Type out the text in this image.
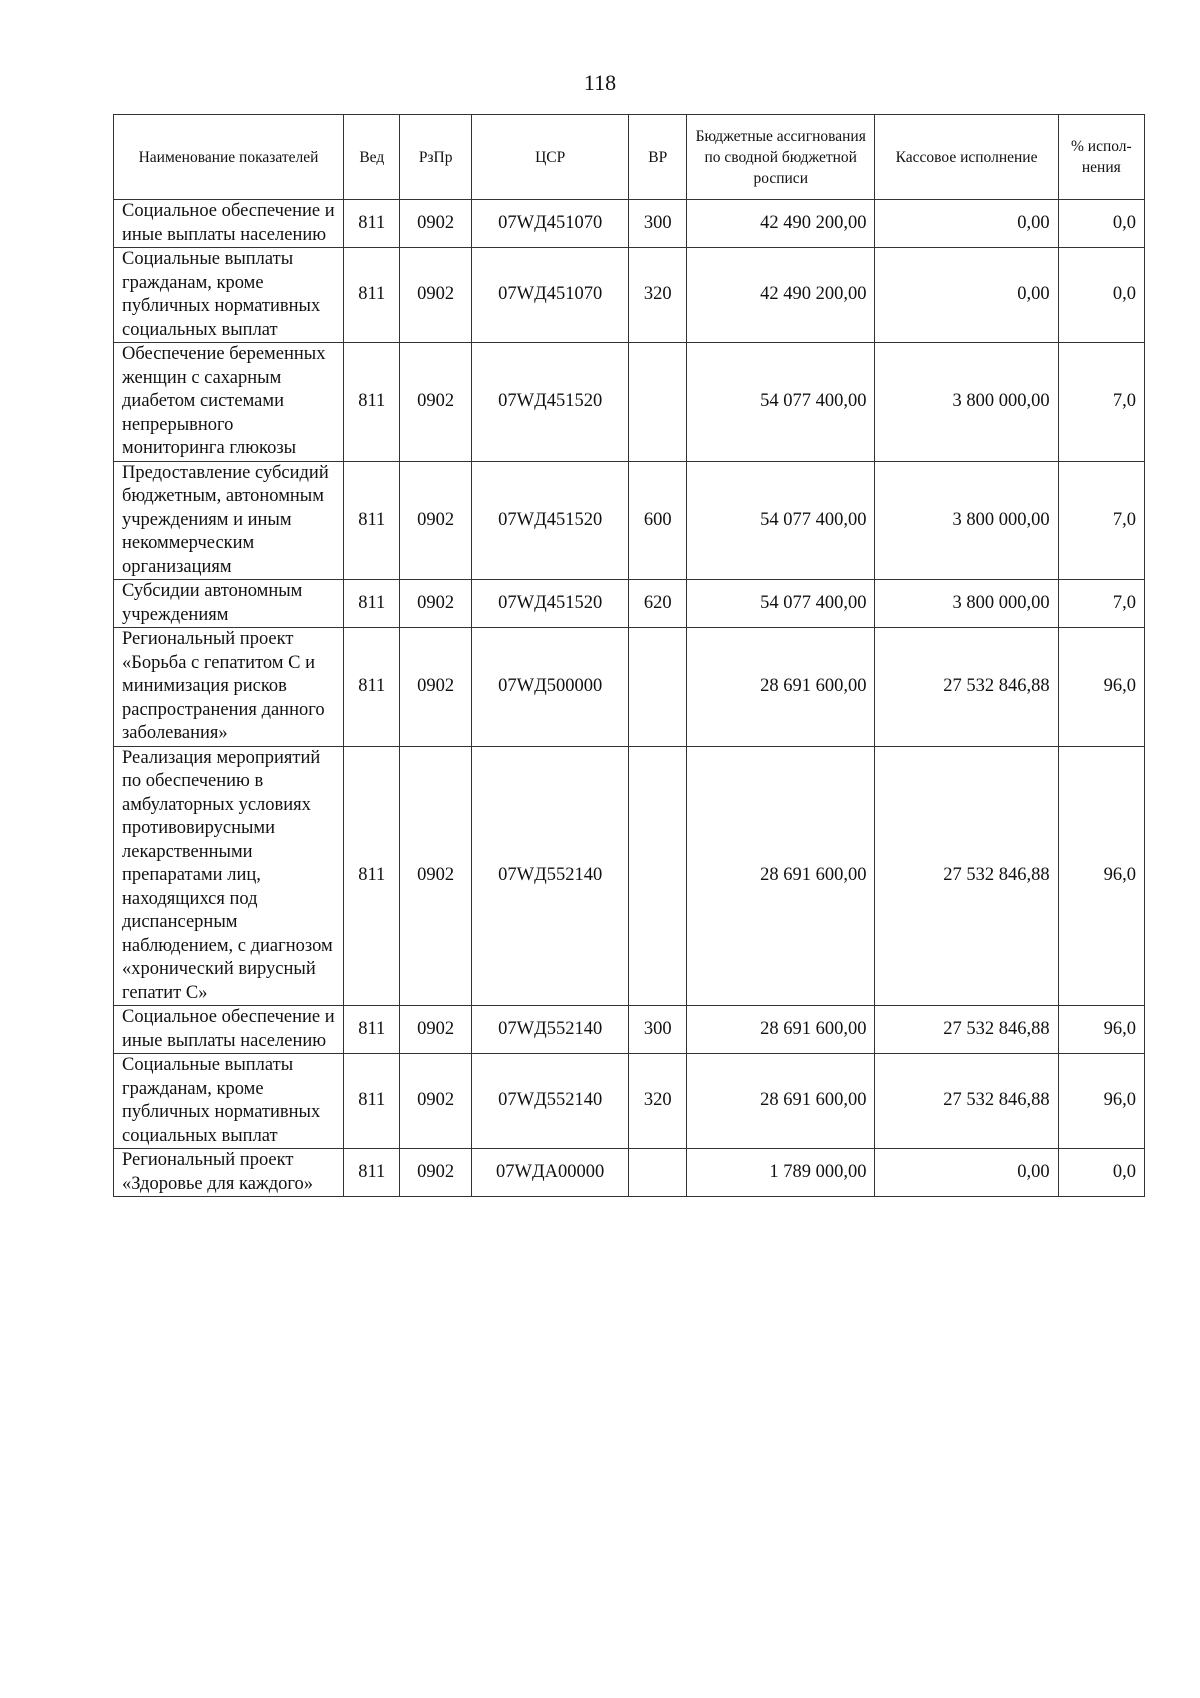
118
Наименование показателей	Вед	РзПр	ЦСР	ВР	Бюджетные ассигнования по сводной бюджетной росписи	Кассовое исполнение	% испол-нения
Социальное обеспечение и иные выплаты населению	811	0902	07WД451070	300	42 490 200,00	0,00	0,0
Социальные выплаты гражданам, кроме публичных нормативных социальных выплат	811	0902	07WД451070	320	42 490 200,00	0,00	0,0
Обеспечение беременных женщин с сахарным диабетом системами непрерывного мониторинга глюкозы	811	0902	07WД451520		54 077 400,00	3 800 000,00	7,0
Предоставление субсидий бюджетным, автономным учреждениям и иным некоммерческим организациям	811	0902	07WД451520	600	54 077 400,00	3 800 000,00	7,0
Субсидии автономным учреждениям	811	0902	07WД451520	620	54 077 400,00	3 800 000,00	7,0
Региональный проект «Борьба с гепатитом С и минимизация рисков распространения данного заболевания»	811	0902	07WД500000		28 691 600,00	27 532 846,88	96,0
Реализация мероприятий по обеспечению в амбулаторных условиях противовирусными лекарственными препаратами лиц, находящихся под диспансерным наблюдением, с диагнозом «хронический вирусный гепатит С»	811	0902	07WД552140		28 691 600,00	27 532 846,88	96,0
Социальное обеспечение и иные выплаты населению	811	0902	07WД552140	300	28 691 600,00	27 532 846,88	96,0
Социальные выплаты гражданам, кроме публичных нормативных социальных выплат	811	0902	07WД552140	320	28 691 600,00	27 532 846,88	96,0
Региональный проект «Здоровье для каждого»	811	0902	07WДА00000		1 789 000,00	0,00	0,0
